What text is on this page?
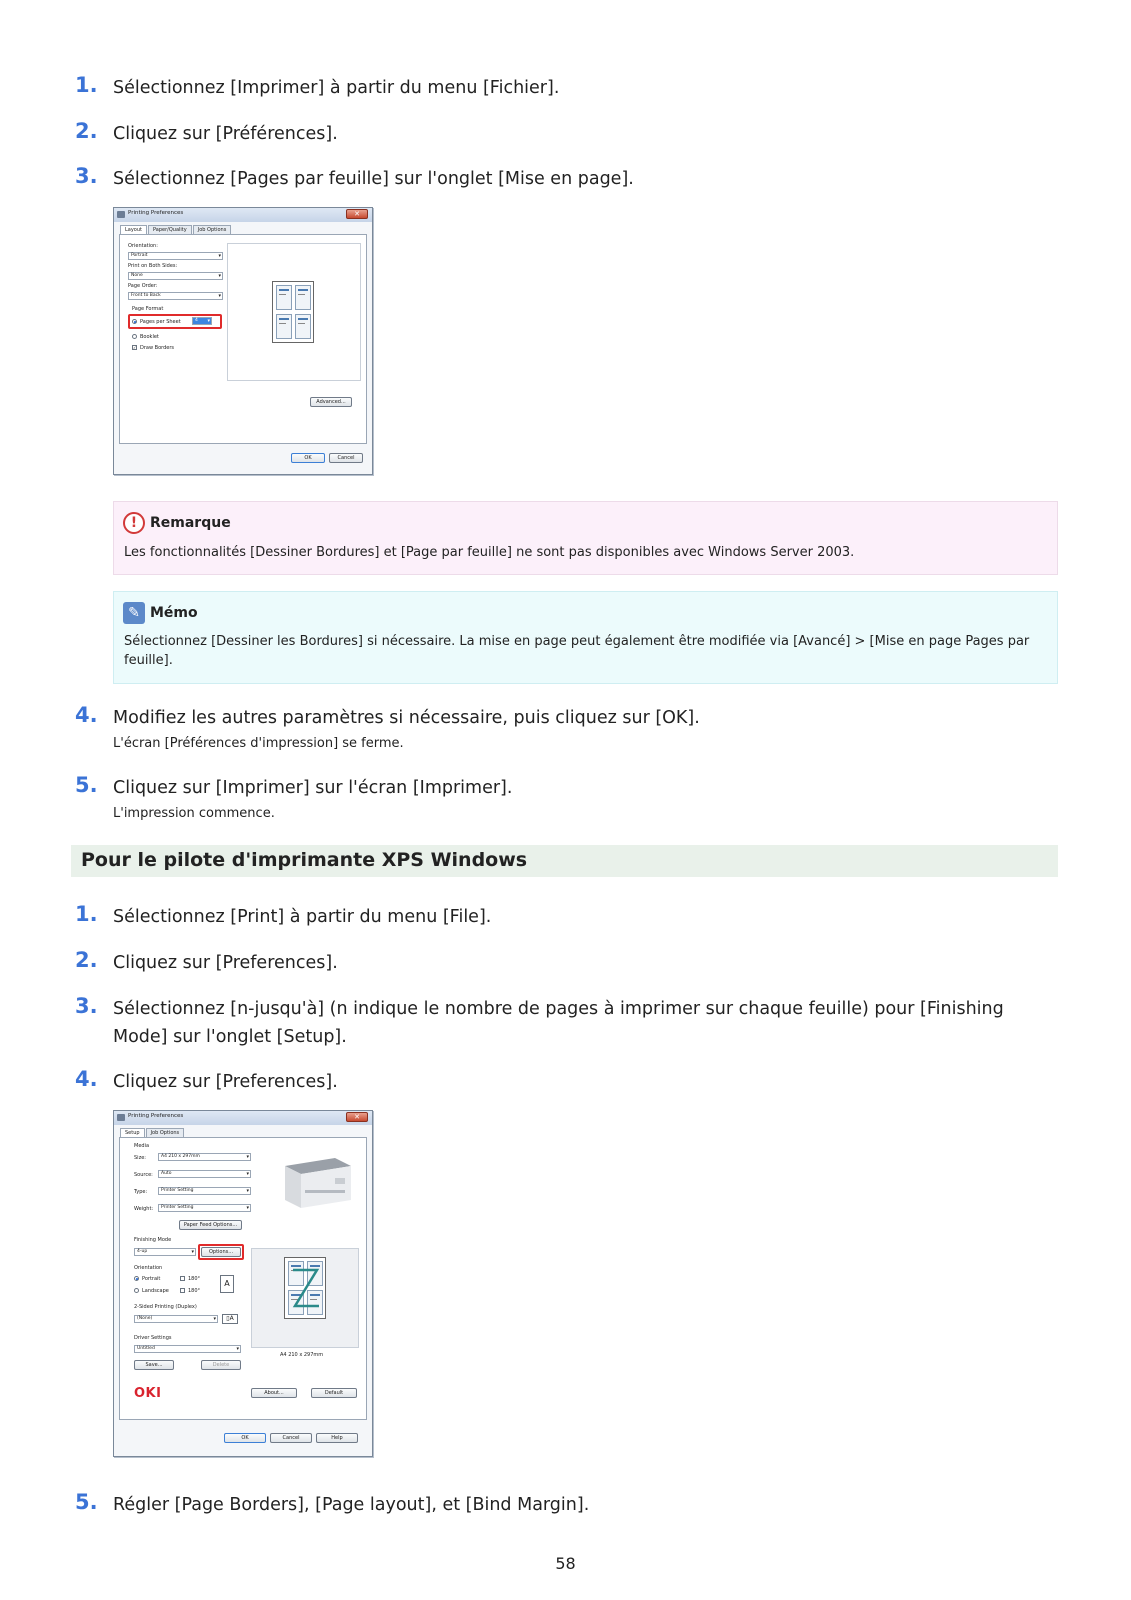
1. Sélectionnez [Imprimer] à partir du menu [Fichier].
2. Cliquez sur [Préférences].
3. Sélectionnez [Pages par feuille] sur l'onglet [Mise en page].
Printing Preferences	✕
Layout	Paper/Quality	Job Options
Orientation:
Portrait ▾
Print on Both Sides:
None ▾
Page Order:
Front to Back ▾
Page Format
Pages per Sheet	4 ▾
Booklet
✓ Draw Borders
Advanced...
OK	Cancel
! Remarque
Les fonctionnalités [Dessiner Bordures] et [Page par feuille] ne sont pas disponibles avec Windows Server 2003.
✎ Mémo
Sélectionnez [Dessiner les Bordures] si nécessaire. La mise en page peut également être modifiée via [Avancé] > [Mise en page Pages par feuille].
4. Modifiez les autres paramètres si nécessaire, puis cliquez sur [OK].
L'écran [Préférences d'impression] se ferme.
5. Cliquez sur [Imprimer] sur l'écran [Imprimer].
L'impression commence.
Pour le pilote d'imprimante XPS Windows
1. Sélectionnez [Print] à partir du menu [File].
2. Cliquez sur [Preferences].
3. Sélectionnez [n-jusqu'à] (n indique le nombre de pages à imprimer sur chaque feuille) pour [Finishing Mode] sur l'onglet [Setup].
4. Cliquez sur [Preferences].
Printing Preferences	✕
Setup	Job Options
Media
Size:	A4 210 x 297mm ▾
Source:	Auto ▾
Type:	Printer Setting ▾
Weight:	Printer Setting ▾
Paper Feed Options...
Finishing Mode
4-up ▾	Options...
Orientation
Portrait	180°
Landscape	180°
A
2-Sided Printing (Duplex)
(None) ▾	▯A
Driver Settings
Untitled ▾
Save...	Delete
A4 210 x 297mm
OKI	About...	Default
OK	Cancel	Help
5. Régler [Page Borders], [Page layout], et [Bind Margin].
58
